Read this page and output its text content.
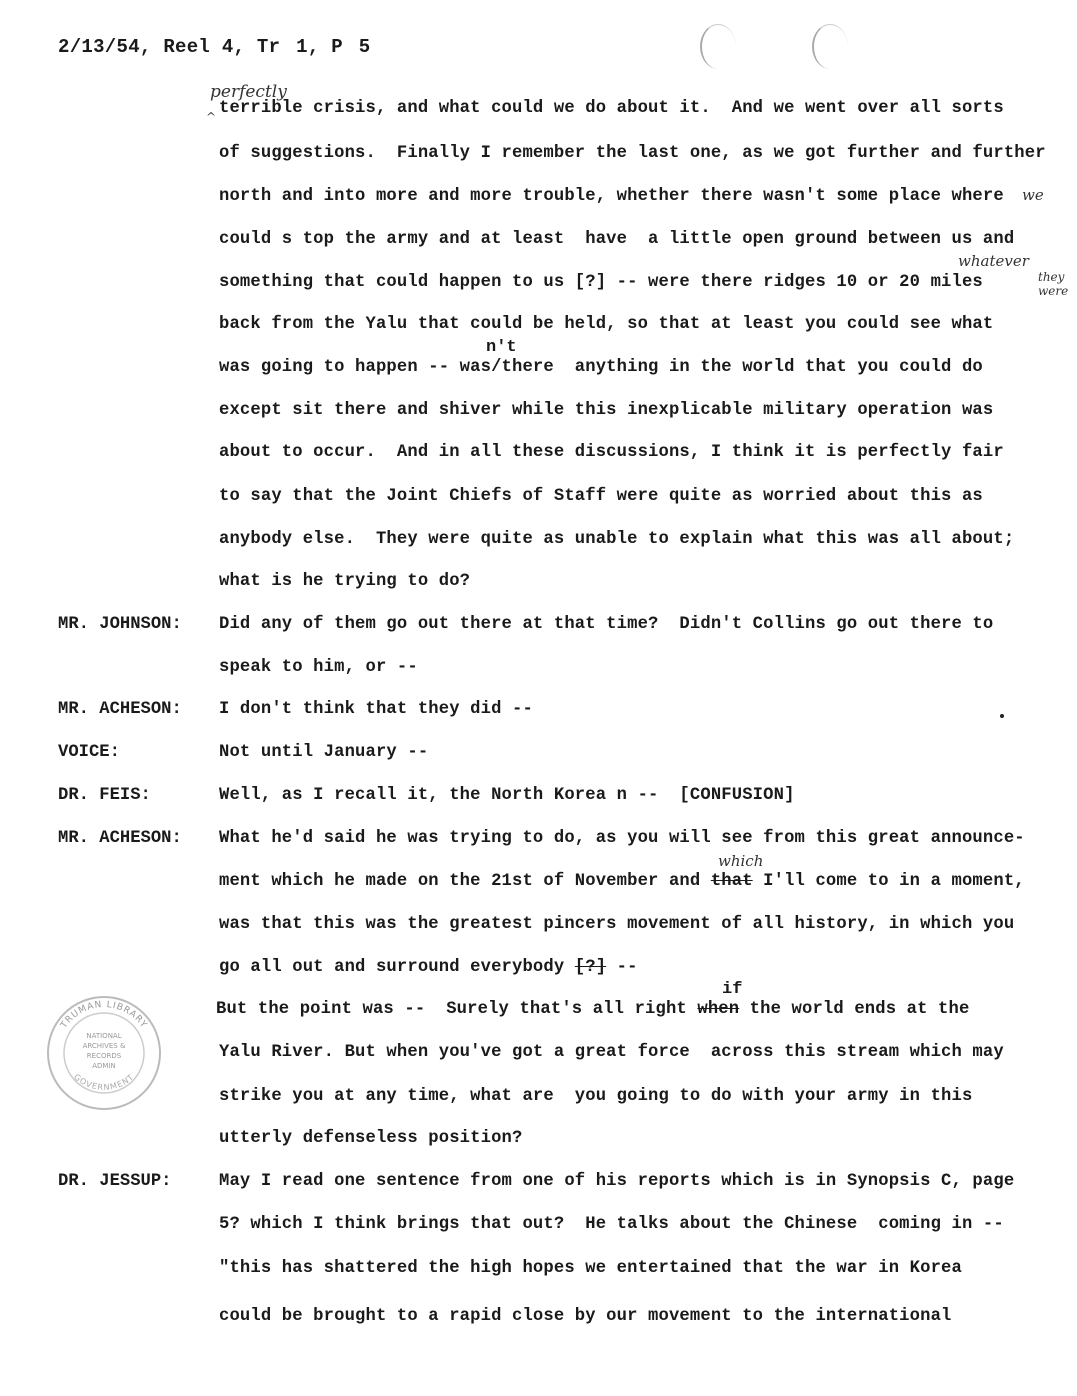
2/13/54, Reel 4, Tr  1, P  5
perfectly
^ terrible crisis, and what could we do about it.  And we went over all sorts
of suggestions.  Finally I remember the last one, as we got further and further
north and into more and more trouble, whether there wasn't some place where we
could s top the army and at least  have  a little open ground between us and
whatever
something that could happen to us [?] -- were there ridges 10 or 20 miles	they were
back from the Yalu that could be held, so that at least you could see what
n't
was going to happen -- was/there  anything in the world that you could do
except sit there and shiver while this inexplicable military operation was
about to occur.  And in all these discussions, I think it is perfectly fair
to say that the Joint Chiefs of Staff were quite as worried about this as
anybody else.  They were quite as unable to explain what this was all about;
what is he trying to do?
MR. JOHNSON: Did any of them go out there at that time?  Didn't Collins go out there to
speak to him, or --
MR. ACHESON: I don't think that they did --
VOICE:	Not until January --
DR. FEIS:	Well, as I recall it, the North Korea n --  [CONFUSION]
MR. ACHESON: What he'd said he was trying to do, as you will see from this great announce-
which
ment which he made on the 21st of November and that I'll come to in a moment,
was that this was the greatest pincers movement of all history, in which you
go all out and surround everybody [?] --
if
But the point was --  Surely that's all right when the world ends at the
Yalu River. But when you've got a great force  across this stream which may
strike you at any time, what are  you going to do with your army in this
utterly defenseless position?
DR. JESSUP:	May I read one sentence from one of his reports which is in Synopsis C, page
5? which I think brings that out?  He talks about the Chinese  coming in --
"this has shattered the high hopes we entertained that the war in Korea
could be brought to a rapid close by our movement to the international
TRUMAN LIBRARY
GOVERNMENT
NATIONAL
ARCHIVES &
RECORDS
ADMIN
